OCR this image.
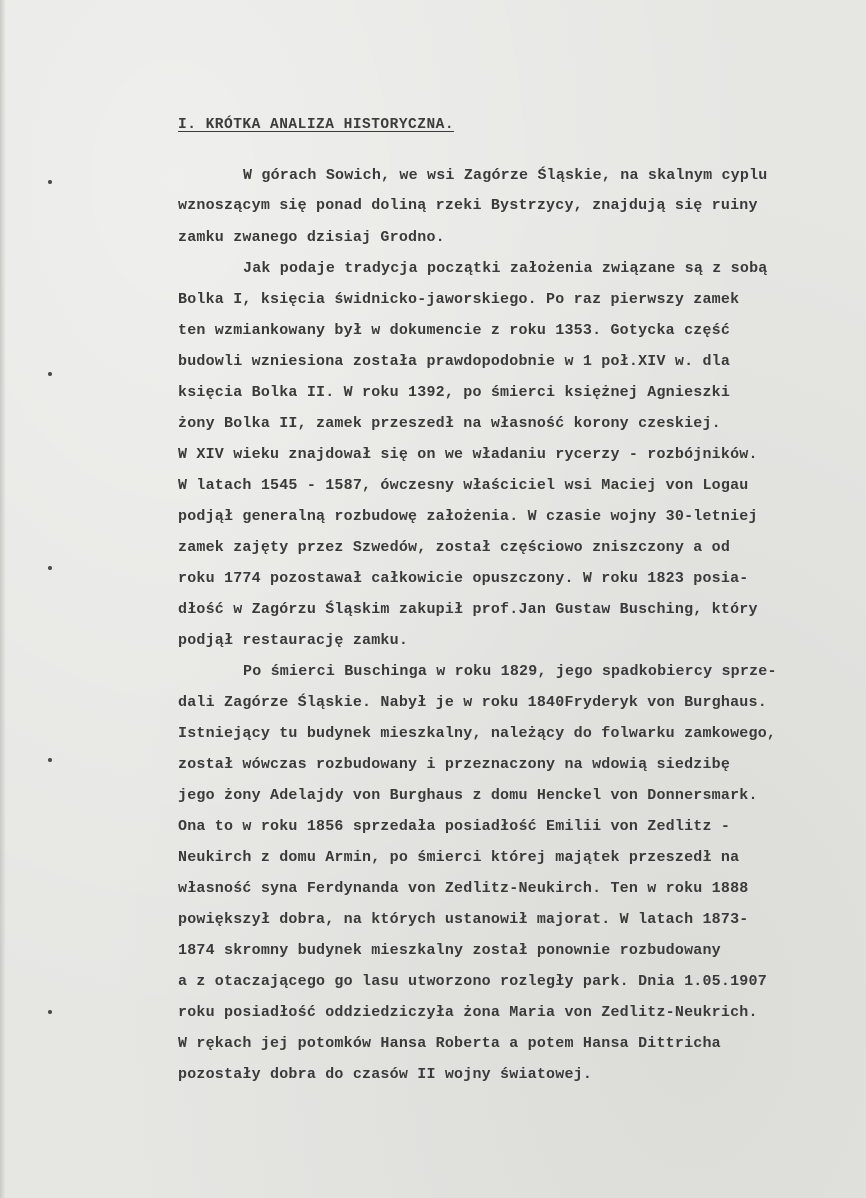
I. KRÓTKA ANALIZA HISTORYCZNA.
W górach Sowich, we wsi Zagórze Śląskie, na skalnym cyplu
wznoszącym się ponad doliną rzeki Bystrzycy, znajdują się ruiny
zamku zwanego dzisiaj Grodno.
Jak podaje tradycja początki założenia związane są z sobą
Bolka I, księcia świdnicko-jaworskiego. Po raz pierwszy zamek
ten wzmiankowany był w dokumencie z roku 1353. Gotycka część
budowli wzniesiona została prawdopodobnie w 1 poł.XIV w. dla
księcia Bolka II. W roku 1392, po śmierci księżnej Agnieszki
żony Bolka II, zamek przeszedł na własność korony czeskiej.
W XIV wieku znajdował się on we władaniu rycerzy - rozbójników.
W latach 1545 - 1587, ówczesny właściciel wsi Maciej von Logau
podjął generalną rozbudowę założenia. W czasie wojny 30-letniej
zamek zajęty przez Szwedów, został częściowo zniszczony a od
roku 1774 pozostawał całkowicie opuszczony. W roku 1823 posia-
dłość w Zagórzu Śląskim zakupił prof.Jan Gustaw Busching, który
podjął restaurację zamku.
Po śmierci Buschinga w roku 1829, jego spadkobiercy sprze-
dali Zagórze Śląskie. Nabył je w roku 1840Fryderyk von Burghaus.
Istniejący tu budynek mieszkalny, należący do folwarku zamkowego,
został wówczas rozbudowany i przeznaczony na wdowią siedzibę
jego żony Adelajdy von Burghaus z domu Henckel von Donnersmark.
Ona to w roku 1856 sprzedała posiadłość Emilii von Zedlitz -
Neukirch z domu Armin, po śmierci której majątek przeszedł na
własność syna Ferdynanda von Zedlitz-Neukirch. Ten w roku 1888
powiększył dobra, na których ustanowił majorat. W latach 1873-
1874 skromny budynek mieszkalny został ponownie rozbudowany
a z otaczającego go lasu utworzono rozległy park. Dnia 1.05.1907
roku posiadłość oddziedziczyła żona Maria von Zedlitz-Neukrich.
W rękach jej potomków Hansa Roberta a potem Hansa Dittricha
pozostały dobra do czasów II wojny światowej.
